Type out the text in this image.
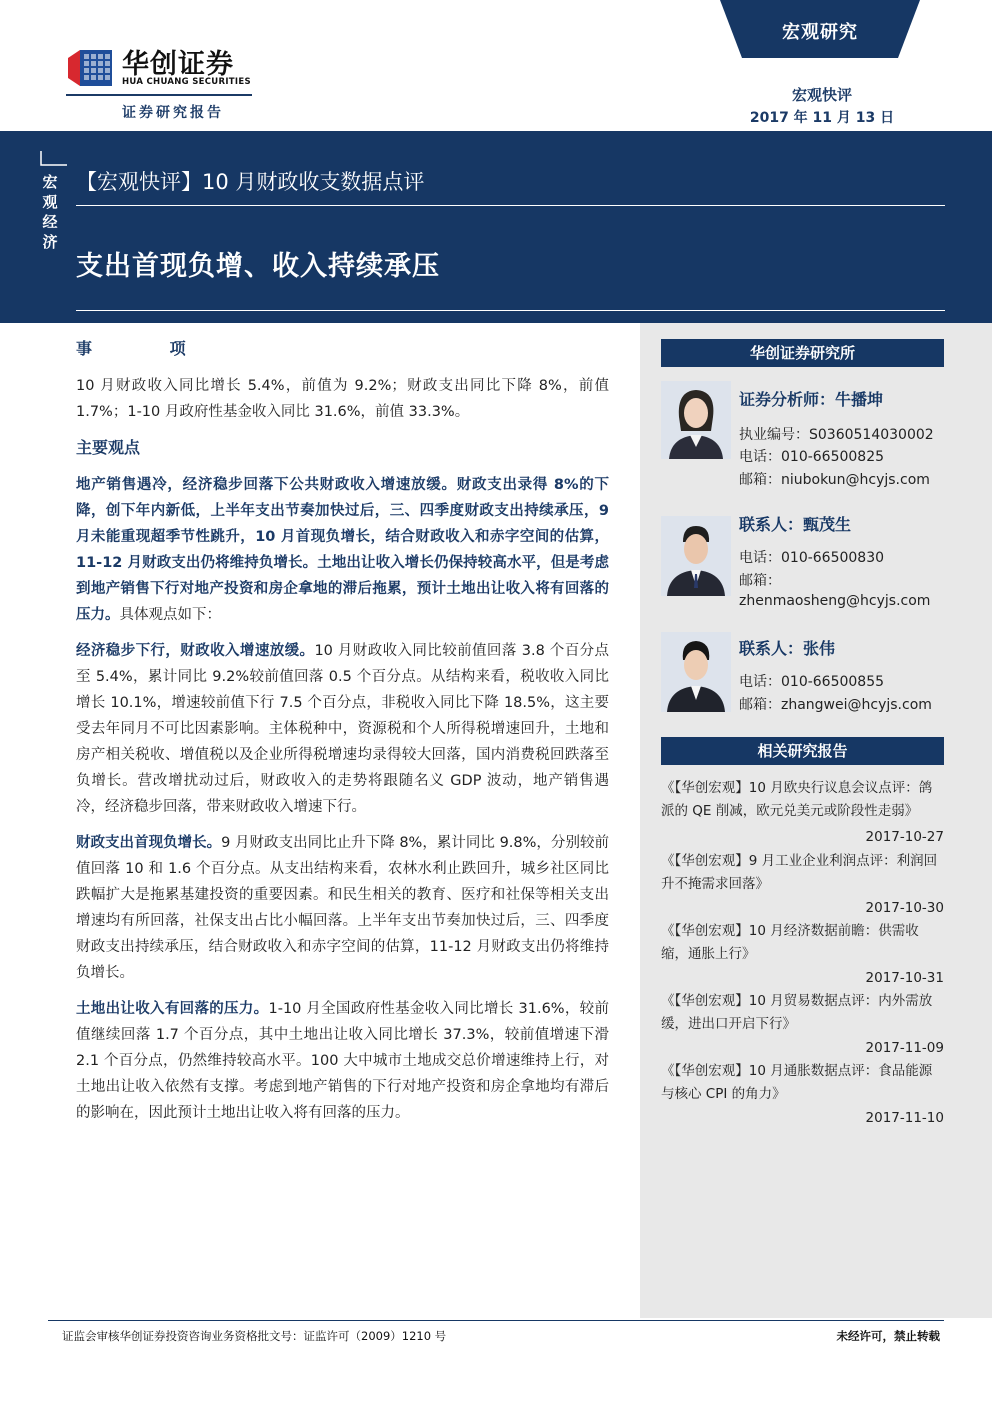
华创证券
HUA CHUANG SECURITIES
证券研究报告
宏观研究
宏观快评
2017 年 11 月 13 日
宏观经济
【宏观快评】10 月财政收支数据点评
支出首现负增、收入持续承压
事 项

10 月财政收入同比增长 5.4%，前值为 9.2%；财政支出同比下降 8%，前值 1.7%；1-10 月政府性基金收入同比 31.6%，前值 33.3%。

主要观点

地产销售遇冷，经济稳步回落下公共财政收入增速放缓。财政支出录得 8%的下降，创下年内新低，上半年支出节奏加快过后，三、四季度财政支出持续承压，9 月未能重现超季节性跳升，10 月首现负增长，结合财政收入和赤字空间的估算，11-12 月财政支出仍将维持负增长。土地出让收入增长仍保持较高水平，但是考虑到地产销售下行对地产投资和房企拿地的滞后拖累，预计土地出让收入将有回落的压力。具体观点如下：

经济稳步下行，财政收入增速放缓。10 月财政收入同比较前值回落 3.8 个百分点至 5.4%，累计同比 9.2%较前值回落 0.5 个百分点。从结构来看，税收收入同比增长 10.1%，增速较前值下行 7.5 个百分点，非税收入同比下降 18.5%，这主要受去年同月不可比因素影响。主体税种中，资源税和个人所得税增速回升，土地和房产相关税收、增值税以及企业所得税增速均录得较大回落，国内消费税回跌落至负增长。营改增扰动过后，财政收入的走势将跟随名义 GDP 波动，地产销售遇冷，经济稳步回落，带来财政收入增速下行。

财政支出首现负增长。9 月财政支出同比止升下降 8%，累计同比 9.8%，分别较前值回落 10 和 1.6 个百分点。从支出结构来看，农林水利止跌回升，城乡社区同比跌幅扩大是拖累基建投资的重要因素。和民生相关的教育、医疗和社保等相关支出增速均有所回落，社保支出占比小幅回落。上半年支出节奏加快过后，三、四季度财政支出持续承压，结合财政收入和赤字空间的估算，11-12 月财政支出仍将维持负增长。

土地出让收入有回落的压力。1-10 月全国政府性基金收入同比增长 31.6%，较前值继续回落 1.7 个百分点，其中土地出让收入同比增长 37.3%，较前值增速下滑 2.1 个百分点，仍然维持较高水平。100 大中城市土地成交总价增速维持上行，对土地出让收入依然有支撑。考虑到地产销售的下行对地产投资和房企拿地均有滞后的影响在，因此预计土地出让收入将有回落的压力。

华创证券研究所
证券分析师：牛播坤
执业编号：S0360514030002
电话：010-66500825
邮箱：niubokun@hcyjs.com
联系人：甄茂生
电话：010-66500830
邮箱：
zhenmaosheng@hcyjs.com
联系人：张伟
电话：010-66500855
邮箱：zhangwei@hcyjs.com
相关研究报告
《【华创宏观】10 月欧央行议息会议点评：鸽派的 QE 削减，欧元兑美元或阶段性走弱》
2017-10-27
《【华创宏观】9 月工业企业利润点评：利润回升不掩需求回落》
2017-10-30
《【华创宏观】10 月经济数据前瞻：供需收缩，通胀上行》
2017-10-31
《【华创宏观】10 月贸易数据点评：内外需放缓，进出口开启下行》
2017-11-09
《【华创宏观】10 月通胀数据点评：食品能源与核心 CPI 的角力》
2017-11-10
证监会审核华创证券投资咨询业务资格批文号：证监许可（2009）1210 号	未经许可，禁止转载
